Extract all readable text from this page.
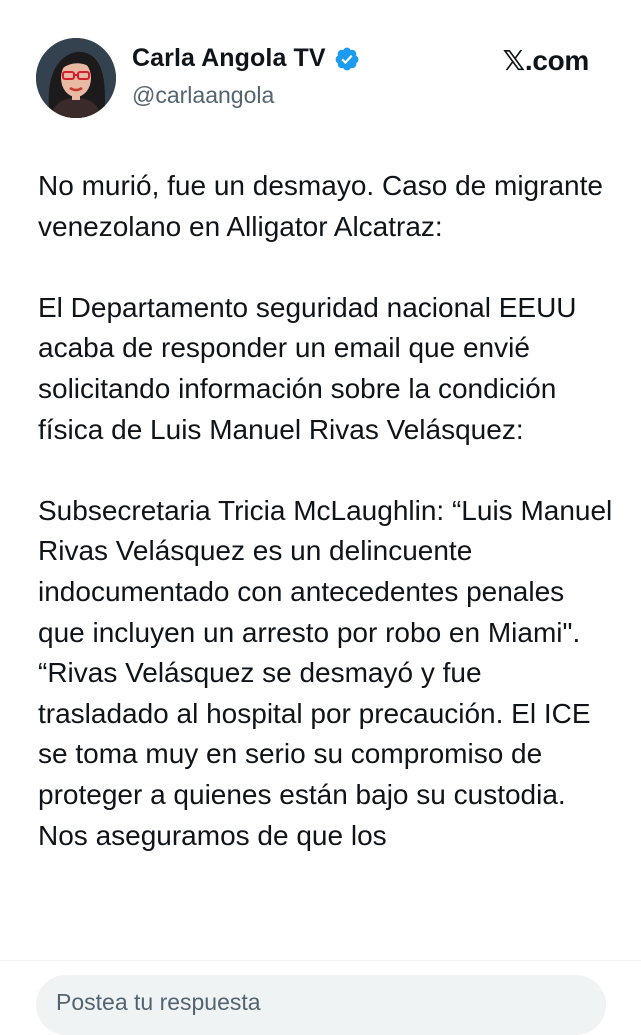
Carla Angola TV
@carlaangola
𝕏.com

No murió, fue un desmayo. Caso de migrante venezolano en Alligator Alcatraz:

El Departamento seguridad nacional EEUU acaba de responder un email que envié solicitando información sobre la condición física de Luis Manuel Rivas Velásquez:

Subsecretaria Tricia McLaughlin: “Luis Manuel Rivas Velásquez es un delincuente indocumentado con antecedentes penales que incluyen un arresto por robo en Miami".
“Rivas Velásquez se desmayó y fue trasladado al hospital por precaución. El ICE se toma muy en serio su compromiso de proteger a quienes están bajo su custodia. Nos aseguramos de que los

Postea tu respuesta
